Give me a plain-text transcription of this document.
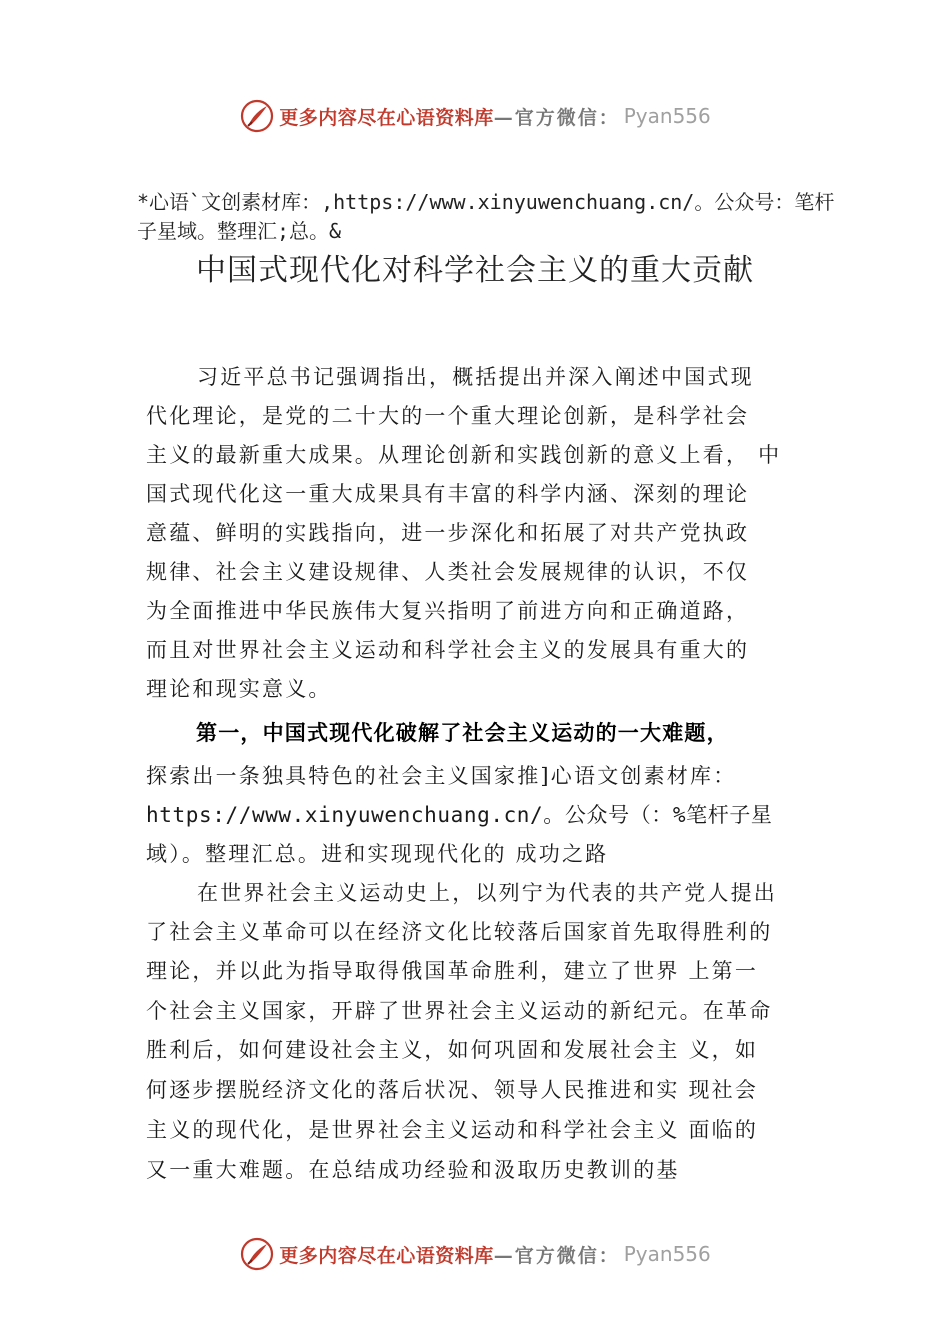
更多内容尽在心语资料库 —官方微信： Pyan556
*心语`文创素材库：,https://www.xinyuwenchuang.cn/。公众号：笔杆子星域。整理汇;总。&
中国式现代化对科学社会主义的重大贡献
习近平总书记强调指出，概括提出并深入阐述中国式现
代化理论，是党的二十大的一个重大理论创新，是科学社会
主义的最新重大成果。从理论创新和实践创新的意义上看， 中
国式现代化这一重大成果具有丰富的科学内涵、深刻的理论
意蕴、鲜明的实践指向，进一步深化和拓展了对共产党执政
规律、社会主义建设规律、人类社会发展规律的认识，不仅
为全面推进中华民族伟大复兴指明了前进方向和正确道路，
而且对世界社会主义运动和科学社会主义的发展具有重大的
理论和现实意义。
第一，中国式现代化破解了社会主义运动的一大难题，
探索出一条独具特色的社会主义国家推]心语文创素材库：
https://www.xinyuwenchuang.cn/。公众号（：%笔杆子星
域）。整理汇总。进和实现现代化的 成功之路
在世界社会主义运动史上，以列宁为代表的共产党人提出
了社会主义革命可以在经济文化比较落后国家首先取得胜利的
理论，并以此为指导取得俄国革命胜利，建立了世界 上第一
个社会主义国家，开辟了世界社会主义运动的新纪元。在革命
胜利后，如何建设社会主义，如何巩固和发展社会主 义，如
何逐步摆脱经济文化的落后状况、领导人民推进和实 现社会
主义的现代化，是世界社会主义运动和科学社会主义 面临的
又一重大难题。在总结成功经验和汲取历史教训的基
更多内容尽在心语资料库 —官方微信： Pyan556
